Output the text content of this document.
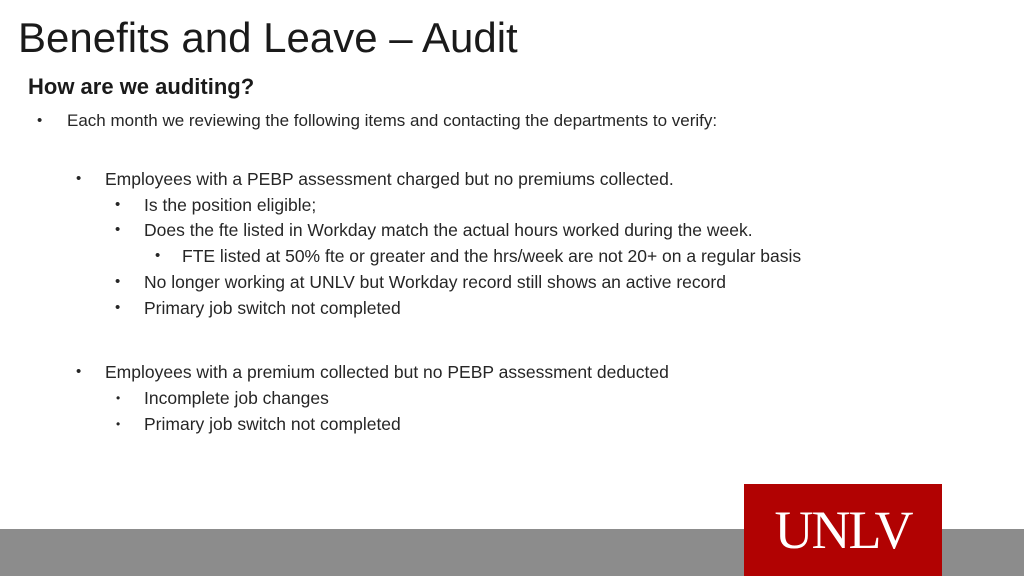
Benefits and Leave – Audit
How are we auditing?
• Each month we reviewing the following items and contacting the departments to verify:
• Employees with a PEBP assessment charged but no premiums collected.
• Is the position eligible;
• Does the fte listed in Workday match the actual hours worked during the week.
• FTE listed at 50% fte or greater and the hrs/week are not 20+ on a regular basis
• No longer working at UNLV but Workday record still shows an active record
• Primary job switch not completed
• Employees with a premium collected but no PEBP assessment deducted
• Incomplete job changes
• Primary job switch not completed
UNLV
